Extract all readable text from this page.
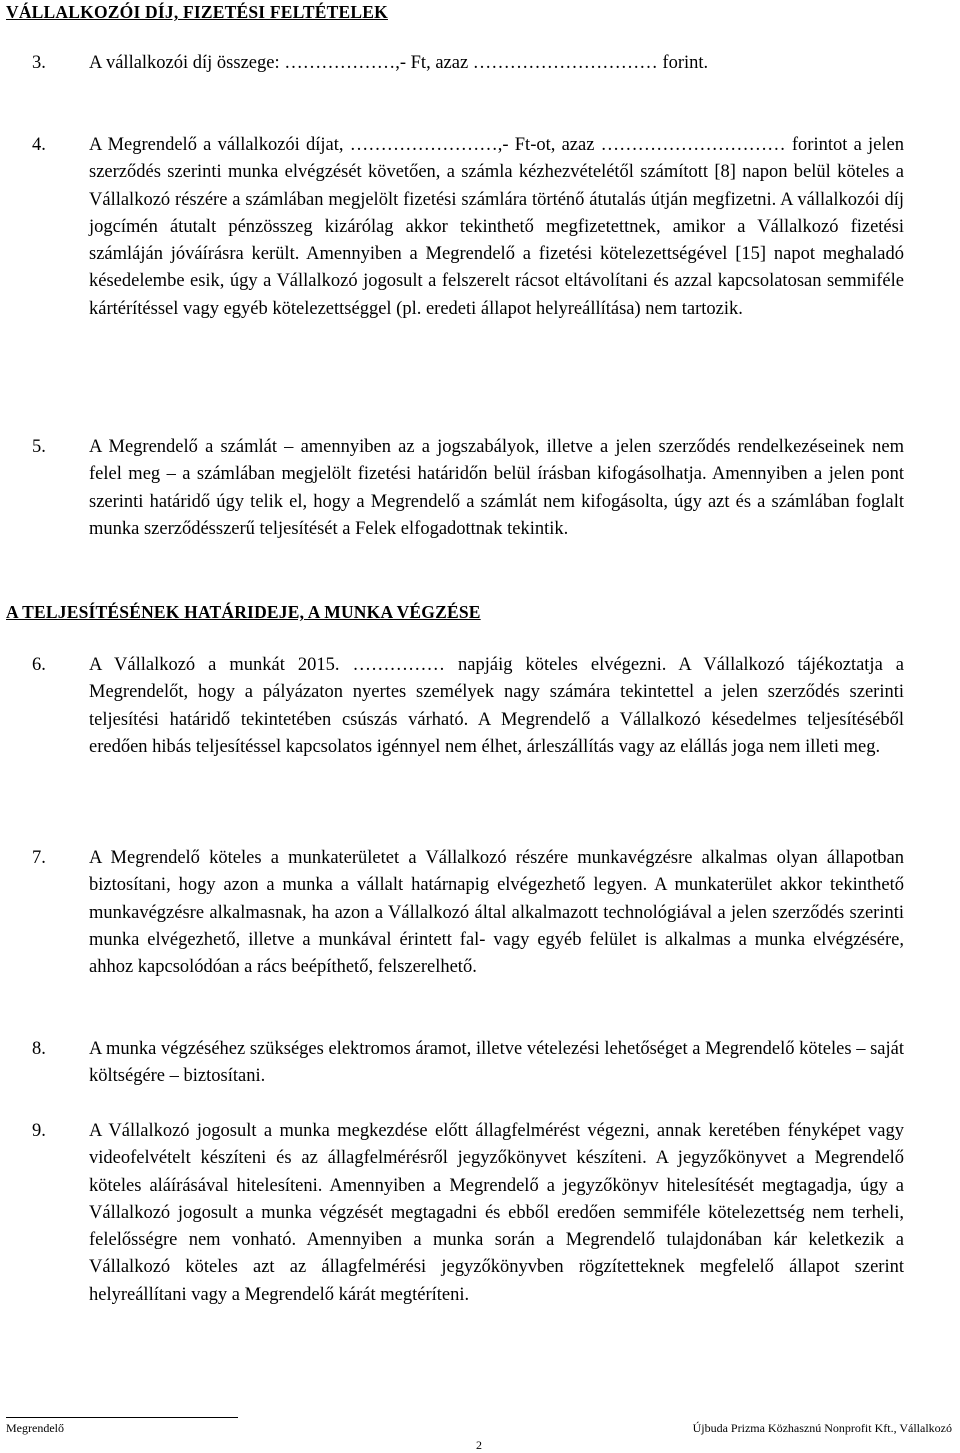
VÁLLALKOZÓI DÍJ, FIZETÉSI FELTÉTELEK
3. A vállalkozói díj összege: ………………,- Ft, azaz ………………………… forint.
4. A Megrendelő a vállalkozói díjat, ……………………,- Ft-ot, azaz ………………………… forintot a jelen szerződés szerinti munka elvégzését követően, a számla kézhezvételétől számított [8] napon belül köteles a Vállalkozó részére a számlában megjelölt fizetési számlára történő átutalás útján megfizetni. A vállalkozói díj jogcímén átutalt pénzösszeg kizárólag akkor tekinthető megfizetettnek, amikor a Vállalkozó fizetési számláján jóváírásra került. Amennyiben a Megrendelő a fizetési kötelezettségével [15] napot meghaladó késedelembe esik, úgy a Vállalkozó jogosult a felszerelt rácsot eltávolítani és azzal kapcsolatosan semmiféle kártérítéssel vagy egyéb kötelezettséggel (pl. eredeti állapot helyreállítása) nem tartozik.
5. A Megrendelő a számlát – amennyiben az a jogszabályok, illetve a jelen szerződés rendelkezéseinek nem felel meg – a számlában megjelölt fizetési határidőn belül írásban kifogásolhatja. Amennyiben a jelen pont szerinti határidő úgy telik el, hogy a Megrendelő a számlát nem kifogásolta, úgy azt és a számlában foglalt munka szerződésszerű teljesítését a Felek elfogadottnak tekintik.
A TELJESÍTÉSÉNEK HATÁRIDEJE, A MUNKA VÉGZÉSE
6. A Vállalkozó a munkát 2015. …………… napjáig köteles elvégezni. A Vállalkozó tájékoztatja a Megrendelőt, hogy a pályázaton nyertes személyek nagy számára tekintettel a jelen szerződés szerinti teljesítési határidő tekintetében csúszás várható. A Megrendelő a Vállalkozó késedelmes teljesítéséből eredően hibás teljesítéssel kapcsolatos igénnyel nem élhet, árleszállítás vagy az elállás joga nem illeti meg.
7. A Megrendelő köteles a munkaterületet a Vállalkozó részére munkavégzésre alkalmas olyan állapotban biztosítani, hogy azon a munka a vállalt határnapig elvégezhető legyen. A munkaterület akkor tekinthető munkavégzésre alkalmasnak, ha azon a Vállalkozó által alkalmazott technológiával a jelen szerződés szerinti munka elvégezhető, illetve a munkával érintett fal- vagy egyéb felület is alkalmas a munka elvégzésére, ahhoz kapcsolódóan a rács beépíthető, felszerelhető.
8. A munka végzéséhez szükséges elektromos áramot, illetve vételezési lehetőséget a Megrendelő köteles – saját költségére – biztosítani.
9. A Vállalkozó jogosult a munka megkezdése előtt állagfelmérést végezni, annak keretében fényképet vagy videofelvételt készíteni és az állagfelmérésről jegyzőkönyvet készíteni. A jegyzőkönyvet a Megrendelő köteles aláírásával hitelesíteni. Amennyiben a Megrendelő a jegyzőkönyv hitelesítését megtagadja, úgy a Vállalkozó jogosult a munka végzését megtagadni és ebből eredően semmiféle kötelezettség nem terheli, felelősségre nem vonható. Amennyiben a munka során a Megrendelő tulajdonában kár keletkezik a Vállalkozó köteles azt az állagfelmérési jegyzőkönyvben rögzítetteknek megfelelő állapot szerint helyreállítani vagy a Megrendelő kárát megtéríteni.
Megrendelő	Újbuda Prizma Közhasznú Nonprofit Kft., Vállalkozó
2
